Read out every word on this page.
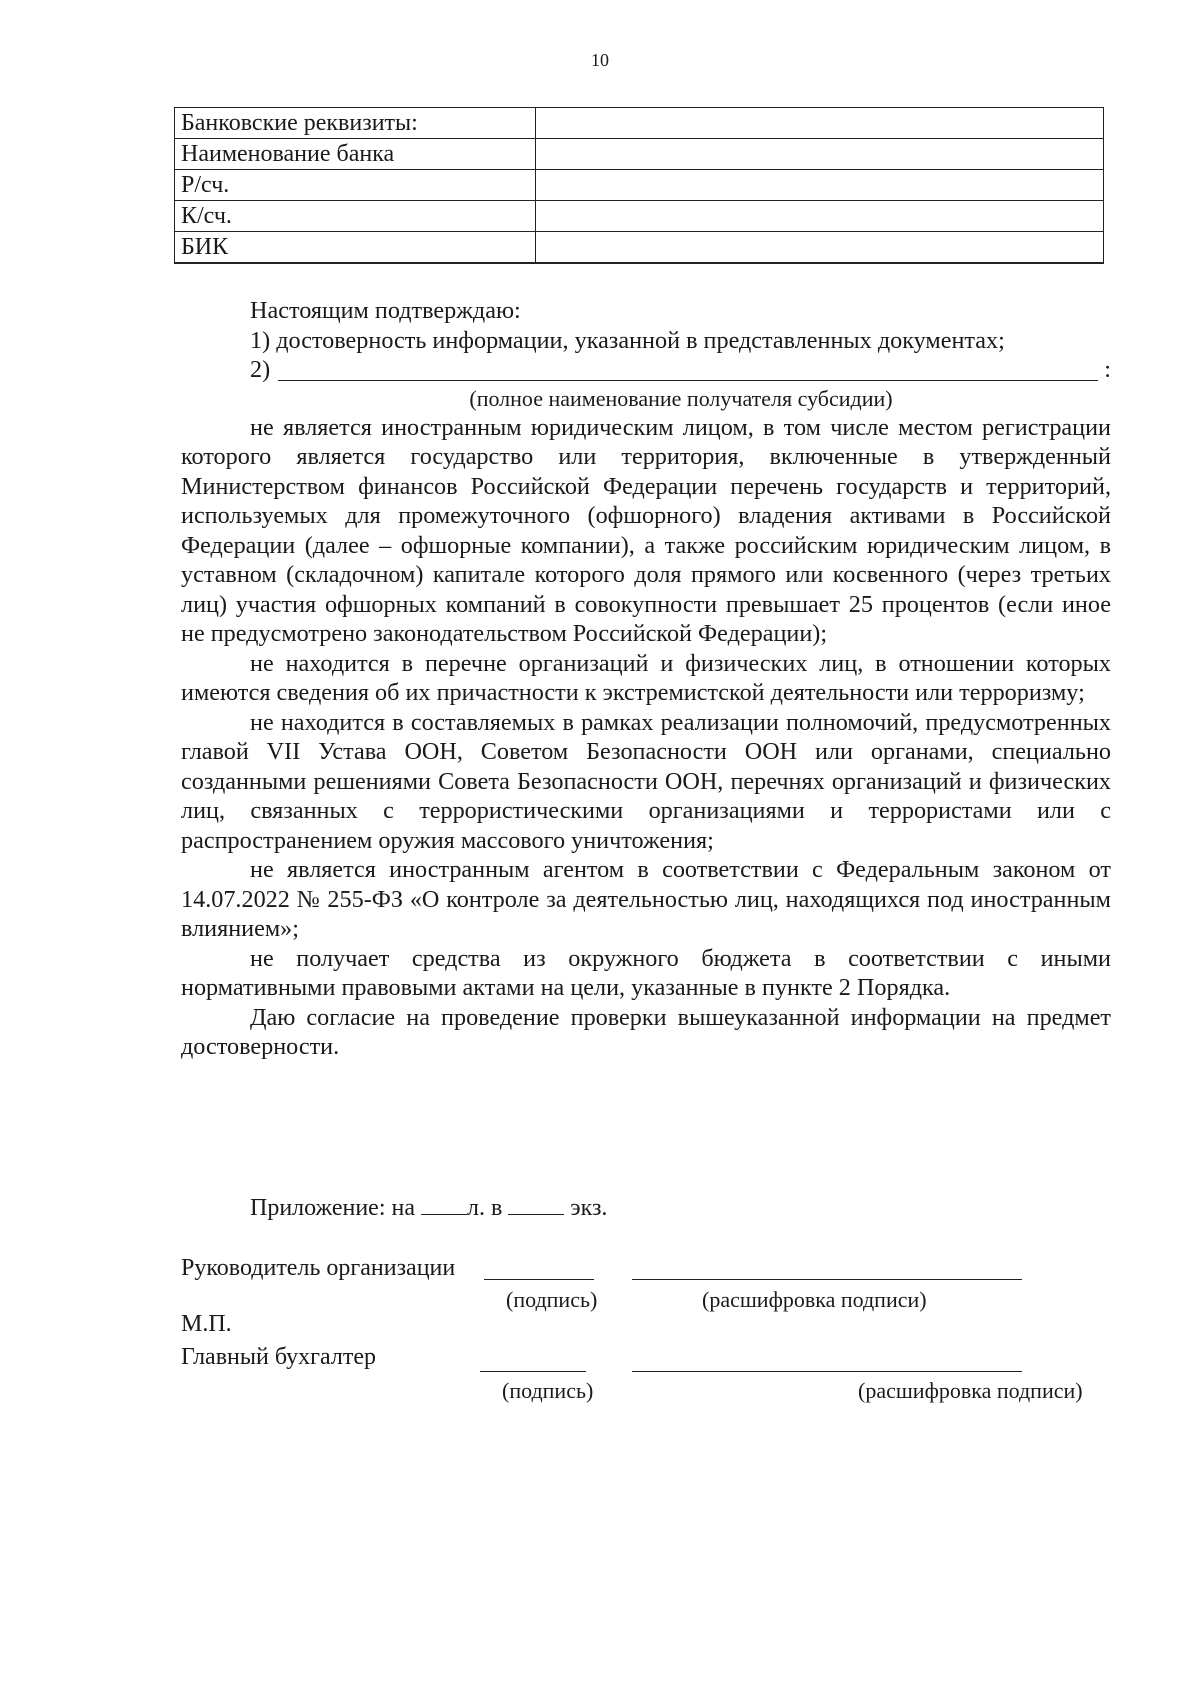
10
Банковские реквизиты:	
Наименование банка	
Р/сч.	
К/сч.	
БИК	

Настоящим подтверждаю:

1) достоверность информации, указанной в представленных документах;

2)	:

(полное наименование получателя субсидии)

не является иностранным юридическим лицом, в том числе местом регистрации которого является государство или территория, включенные в утвержденный Министерством финансов Российской Федерации перечень государств и территорий, используемых для промежуточного (офшорного) владения активами в Российской Федерации (далее – офшорные компании), а также российским юридическим лицом, в уставном (складочном) капитале которого доля прямого или косвенного (через третьих лиц) участия офшорных компаний в совокупности превышает 25 процентов (если иное не предусмотрено законодательством Российской Федерации);

не находится в перечне организаций и физических лиц, в отношении которых имеются сведения об их причастности к экстремистской деятельности или терроризму;

не находится в составляемых в рамках реализации полномочий, предусмотренных главой VII Устава ООН, Советом Безопасности ООН или органами, специально созданными решениями Совета Безопасности ООН, перечнях организаций и физических лиц, связанных с террористическими организациями и террористами или с распространением оружия массового уничтожения;

не является иностранным агентом в соответствии с Федеральным законом от 14.07.2022 № 255-ФЗ «О контроле за деятельностью лиц, находящихся под иностранным влиянием»;

не получает средства из окружного бюджета в соответствии с иными нормативными правовыми актами на цели, указанные в пункте 2 Порядка.

Даю согласие на проведение проверки вышеуказанной информации на предмет достоверности.

Приложение: на л. в	экз.
Руководитель организации
(подпись)	(расшифровка подписи)
М.П.
Главный бухгалтер
(подпись)	(расшифровка подписи)
